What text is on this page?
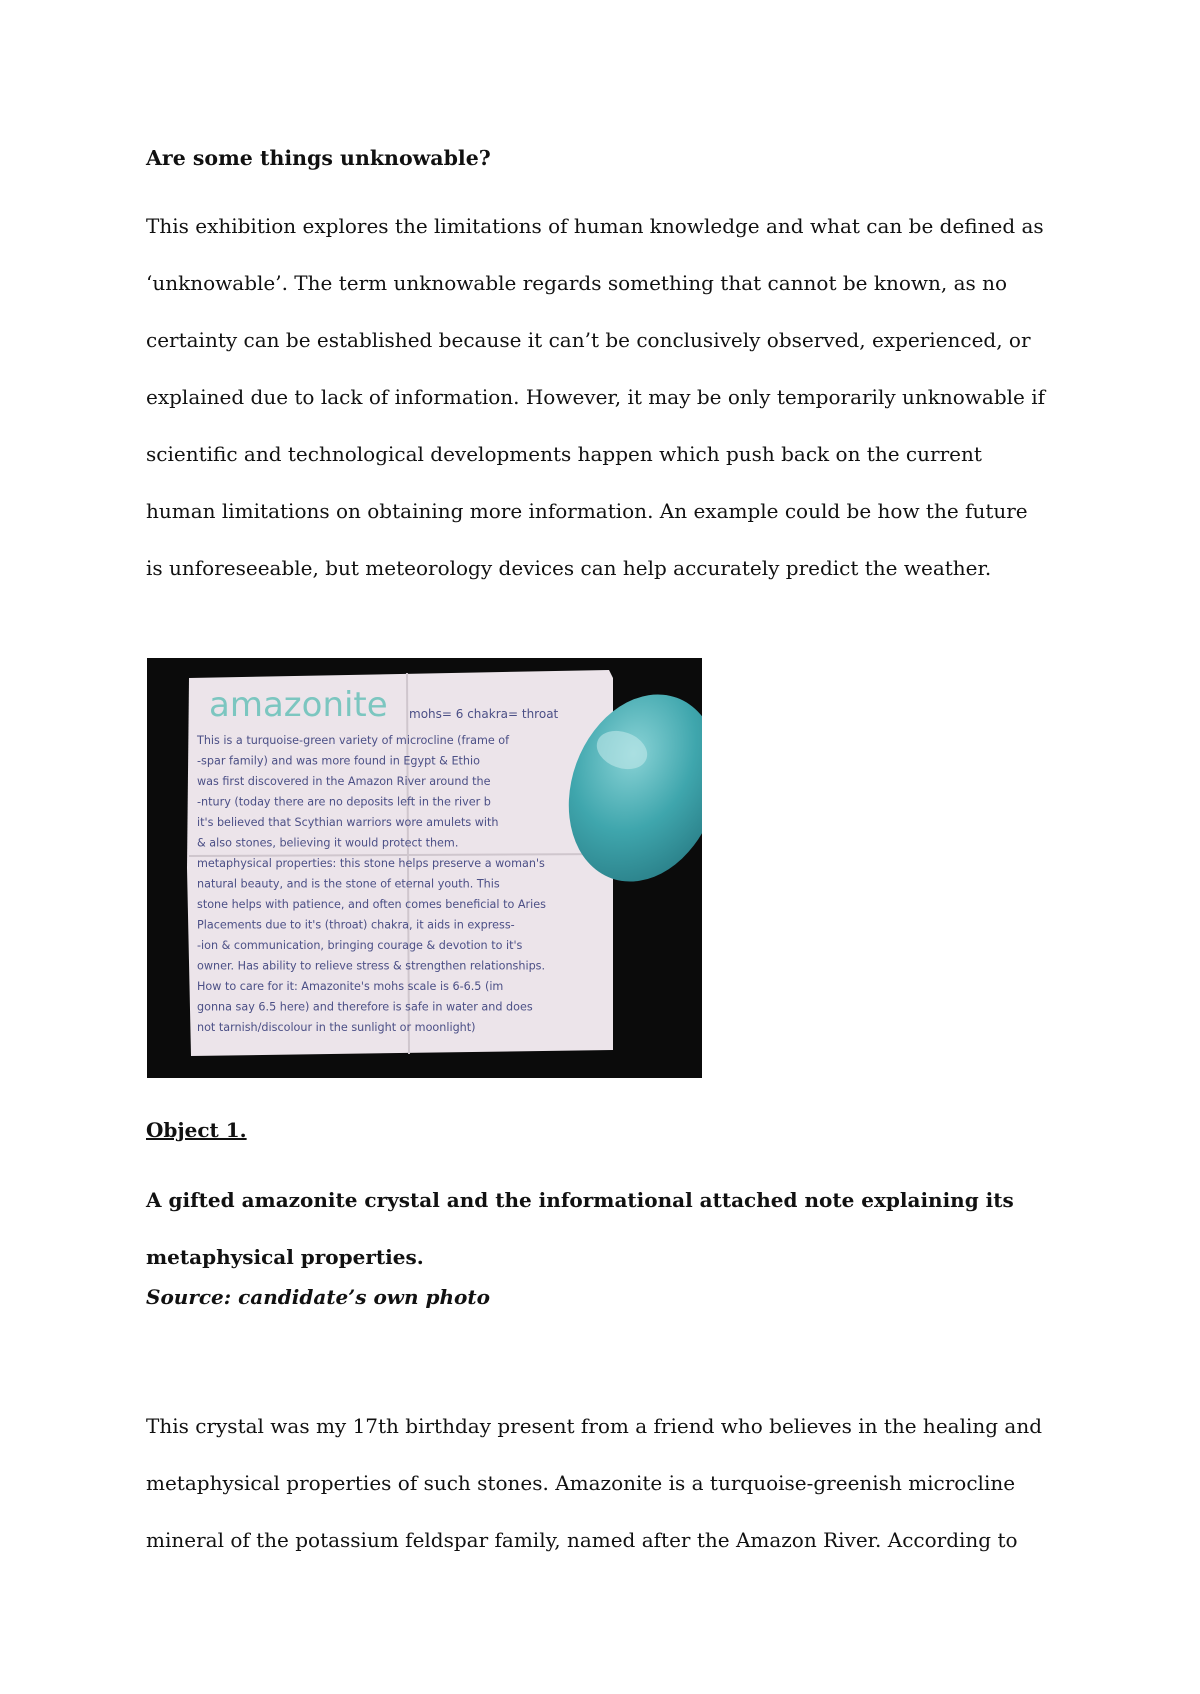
Are some things unknowable?
This exhibition explores the limitations of human knowledge and what can be defined as
‘unknowable’. The term unknowable regards something that cannot be known, as no
certainty can be established because it can’t be conclusively observed, experienced, or
explained due to lack of information. However, it may be only temporarily unknowable if
scientific and technological developments happen which push back on the current
human limitations on obtaining more information. An example could be how the future
is unforeseeable, but meteorology devices can help accurately predict the weather.
amazonite mohs= 6 chakra= throat
This is a turquoise-green variety of microcline (frame of
-spar family) and was more found in Egypt & Ethio
was first discovered in the Amazon River around the
-ntury (today there are no deposits left in the river b
it's believed that Scythian warriors wore amulets with
& also stones, believing it would protect them.
metaphysical properties: this stone helps preserve a woman's
natural beauty, and is the stone of eternal youth. This
stone helps with patience, and often comes beneficial to Aries
Placements due to it's (throat) chakra, it aids in express-
-ion & communication, bringing courage & devotion to it's
owner. Has ability to relieve stress & strengthen relationships.
How to care for it: Amazonite's mohs scale is 6-6.5 (im
gonna say 6.5 here) and therefore is safe in water and does
not tarnish/discolour in the sunlight or moonlight)
Object 1.
A gifted amazonite crystal and the informational attached note explaining its
metaphysical properties.
Source: candidate’s own photo
This crystal was my 17th birthday present from a friend who believes in the healing and
metaphysical properties of such stones. Amazonite is a turquoise-greenish microcline
mineral of the potassium feldspar family, named after the Amazon River. According to
